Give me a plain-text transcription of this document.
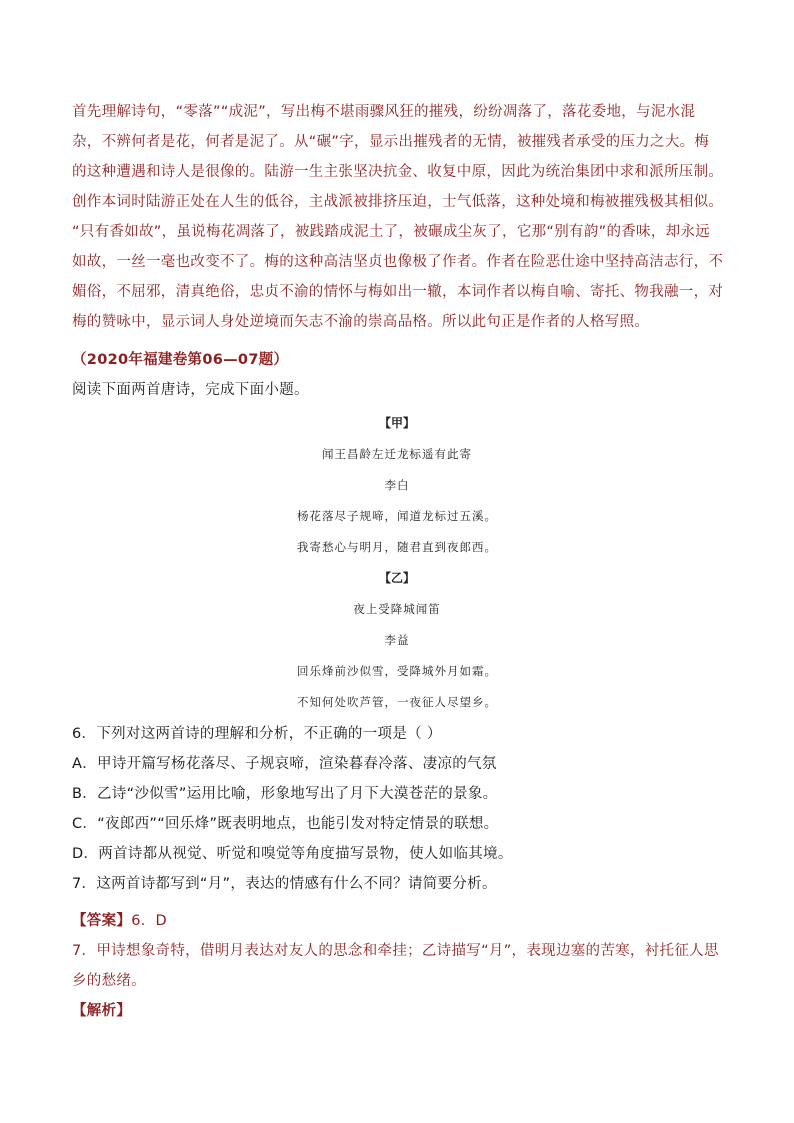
首先理解诗句，“零落”“成泥”，写出梅不堪雨骤风狂的摧残，纷纷凋落了，落花委地，与泥水混杂，不辨何者是花，何者是泥了。从“碾”字，显示出摧残者的无情，被摧残者承受的压力之大。梅的这种遭遇和诗人是很像的。陆游一生主张坚决抗金、收复中原，因此为统治集团中求和派所压制。创作本词时陆游正处在人生的低谷，主战派被排挤压迫，士气低落，这种处境和梅被摧残极其相似。

“只有香如故”，虽说梅花凋落了，被践踏成泥土了，被碾成尘灰了，它那“别有韵”的香味，却永远如故，一丝一毫也改变不了。梅的这种高洁坚贞也像极了作者。作者在险恶仕途中坚持高洁志行，不媚俗，不屈邪，清真绝俗，忠贞不渝的情怀与梅如出一辙，本词作者以梅自喻、寄托、物我融一，对梅的赞咏中，显示词人身处逆境而矢志不渝的崇高品格。所以此句正是作者的人格写照。

（2020年福建卷第06—07题）

阅读下面两首唐诗，完成下面小题。

【甲】

闻王昌龄左迁龙标遥有此寄

李白

杨花落尽子规啼，闻道龙标过五溪。

我寄愁心与明月，随君直到夜郎西。

【乙】

夜上受降城闻笛

李益

回乐烽前沙似雪，受降城外月如霜。

不知何处吹芦管，一夜征人尽望乡。

6．下列对这两首诗的理解和分析，不正确的一项是（ ）

A．甲诗开篇写杨花落尽、子规哀啼，渲染暮春冷落、凄凉的气氛

B．乙诗“沙似雪”运用比喻，形象地写出了月下大漠苍茫的景象。

C．“夜郎西”“回乐烽”既表明地点，也能引发对特定情景的联想。

D．两首诗都从视觉、听觉和嗅觉等角度描写景物，使人如临其境。

7．这两首诗都写到“月”，表达的情感有什么不同？请简要分析。

【答案】6．D

7．甲诗想象奇特，借明月表达对友人的思念和牵挂；乙诗描写“月”，表现边塞的苦寒，衬托征人思乡的愁绪。

【解析】
